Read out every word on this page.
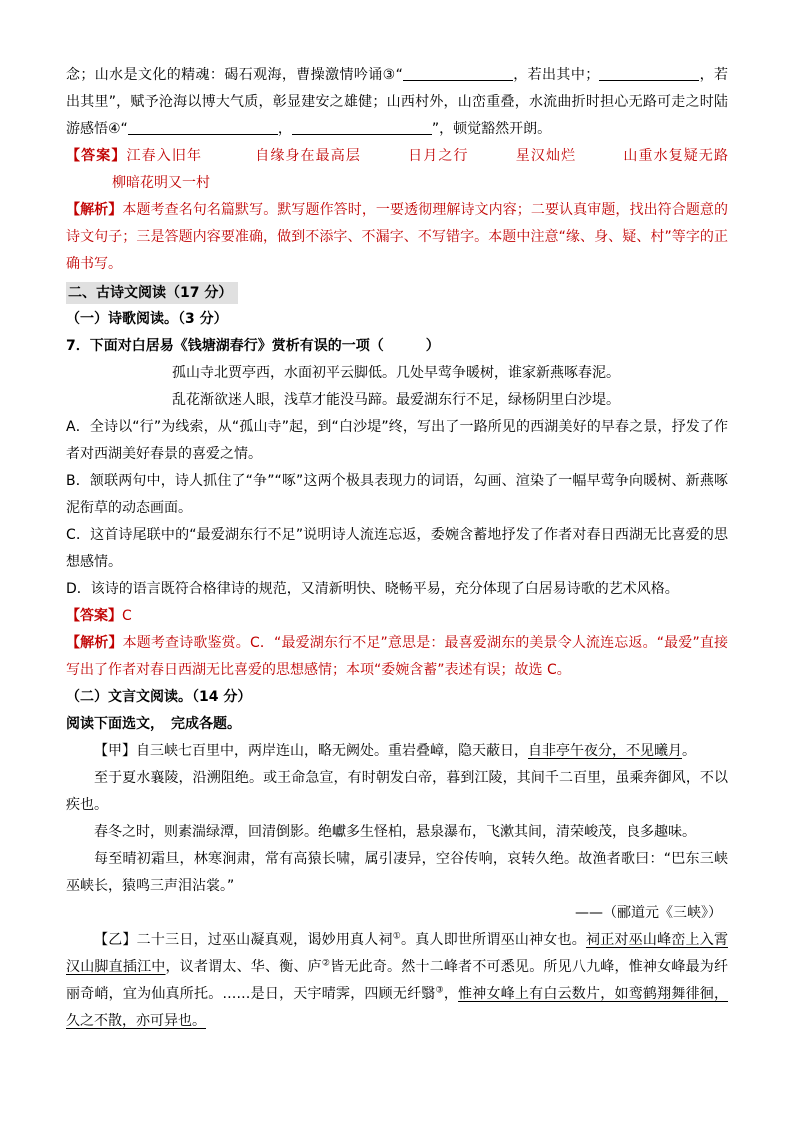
念；山水是文化的精魂：碣石观海，曹操激情吟诵③“	，若出其中；	，若出其里”，赋予沧海以博大气质，彰显建安之雄健；山西村外，山峦重叠，水流曲折时担心无路可走之时陆游感悟④“	，	”，顿觉豁然开朗。

【答案】江春入旧年	自缘身在最高层	日月之行	星汉灿烂	山重水复疑无路柳暗花明又一村

【解析】本题考查名句名篇默写。默写题作答时，一要透彻理解诗文内容；二要认真审题，找出符合题意的诗文句子；三是答题内容要准确，做到不添字、不漏字、不写错字。本题中注意“缘、身、疑、村”等字的正确书写。

二、古诗文阅读（17 分）

（一）诗歌阅读。（3 分）

7．下面对白居易《钱塘湖春行》赏析有误的一项（　　　）

孤山寺北贾亭西，水面初平云脚低。几处早莺争暖树，谁家新燕啄春泥。

乱花渐欲迷人眼，浅草才能没马蹄。最爱湖东行不足，绿杨阴里白沙堤。

A．全诗以“行”为线索，从“孤山寺”起，到“白沙堤”终，写出了一路所见的西湖美好的早春之景，抒发了作者对西湖美好春景的喜爱之情。

B．颔联两句中，诗人抓住了“争”“啄”这两个极具表现力的词语，勾画、渲染了一幅早莺争向暖树、新燕啄泥衔草的动态画面。

C．这首诗尾联中的“最爱湖东行不足”说明诗人流连忘返，委婉含蓄地抒发了作者对春日西湖无比喜爱的思想感情。

D．该诗的语言既符合格律诗的规范，又清新明快、晓畅平易，充分体现了白居易诗歌的艺术风格。

【答案】C

【解析】本题考查诗歌鉴赏。C．“最爱湖东行不足”意思是：最喜爱湖东的美景令人流连忘返。“最爱”直接写出了作者对春日西湖无比喜爱的思想感情；本项“委婉含蓄”表述有误；故选 C。

（二）文言文阅读。（14 分）

阅读下面选文，　完成各题。

【甲】自三峡七百里中，两岸连山，略无阙处。重岩叠嶂，隐天蔽日，自非亭午夜分，不见曦月。

至于夏水襄陵，沿溯阻绝。或王命急宣，有时朝发白帝，暮到江陵，其间千二百里，虽乘奔御风，不以疾也。

春冬之时，则素湍绿潭，回清倒影。绝巘多生怪柏，悬泉瀑布，飞漱其间，清荣峻茂，良多趣味。

每至晴初霜旦，林寒涧肃，常有高猿长啸，属引凄异，空谷传响，哀转久绝。故渔者歌曰：“巴东三峡巫峡长，猿鸣三声泪沾裳。”

——（郦道元《三峡》）

【乙】二十三日，过巫山凝真观，谒妙用真人祠①。真人即世所谓巫山神女也。祠正对巫山峰峦上入霄汉山脚直插江中，议者谓太、华、衡、庐②皆无此奇。然十二峰者不可悉见。所见八九峰，惟神女峰最为纤丽奇峭，宜为仙真所托。……是日，天宇晴霁，四顾无纤翳③，惟神女峰上有白云数片，如鸾鹤翔舞徘徊，久之不散，亦可异也。
